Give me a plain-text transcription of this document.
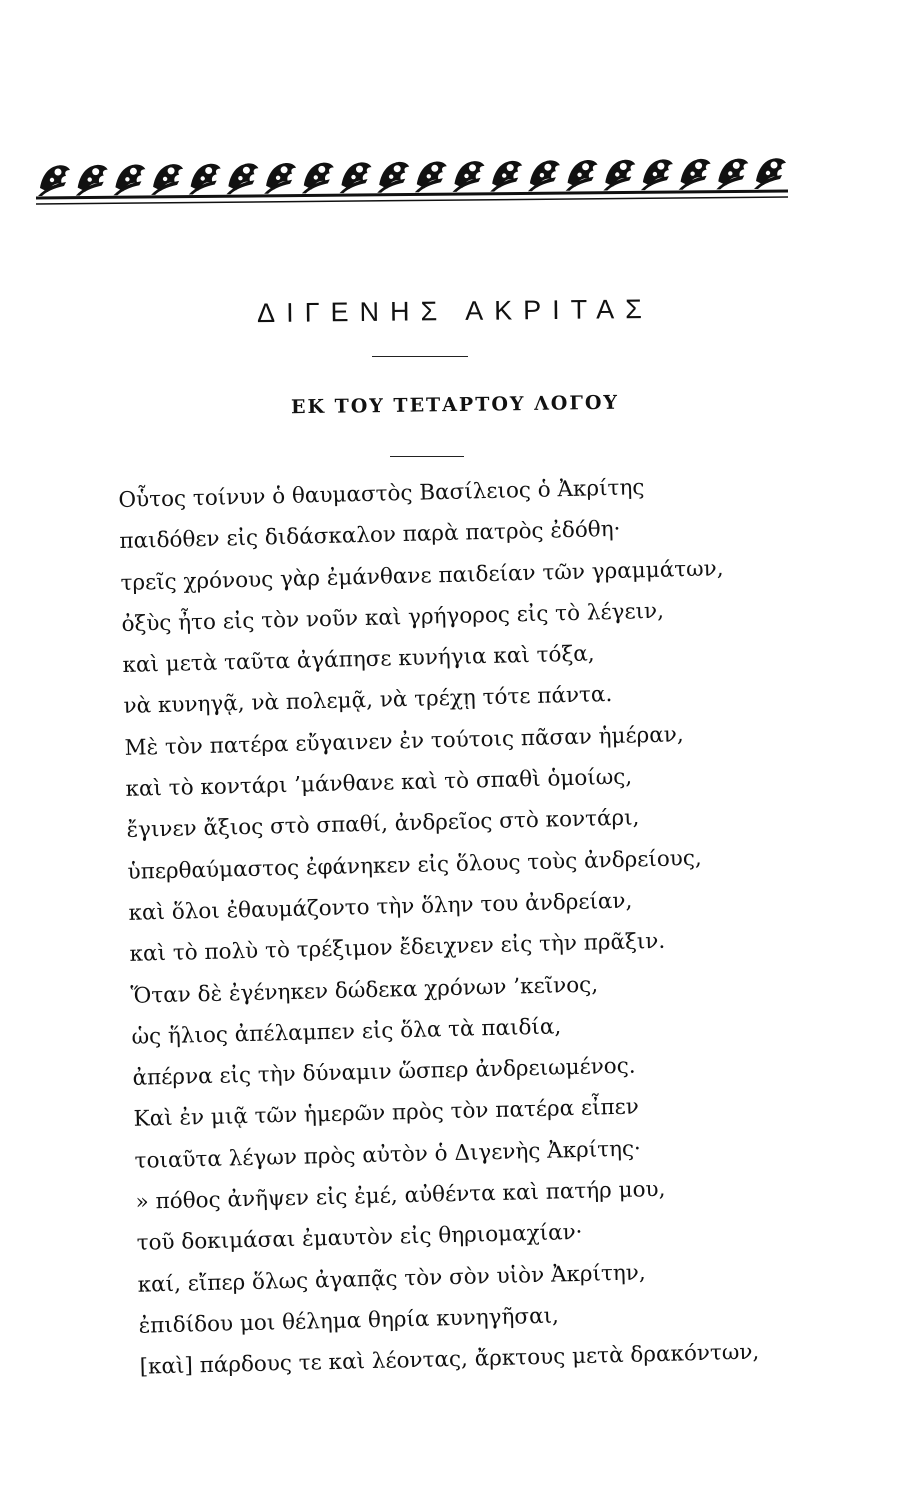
ΔΙΓΕΝΗΣ ΑΚΡΙΤΑΣ
ΕΚ ΤΟΥ ΤΕΤΑΡΤΟΥ ΛΟΓΟΥ
Οὗτος τοίνυν ὁ θαυμαστὸς Βασίλειος ὁ Ἀκρίτης
παιδόθεν εἰς διδάσκαλον παρὰ πατρὸς ἐδόθη·
τρεῖς χρόνους γὰρ ἐμάνθανε παιδείαν τῶν γραμμάτων,
ὀξὺς ἦτο εἰς τὸν νοῦν καὶ γρήγορος εἰς τὸ λέγειν,
καὶ μετὰ ταῦτα ἀγάπησε κυνήγια καὶ τόξα,
νὰ κυνηγᾷ, νὰ πολεμᾷ, νὰ τρέχῃ τότε πάντα.
Μὲ τὸν πατέρα εὔγαινεν ἐν τούτοις πᾶσαν ἡμέραν,
καὶ τὸ κοντάρι ’μάνθανε καὶ τὸ σπαθὶ ὁμοίως,
ἔγινεν ἄξιος στὸ σπαθί, ἀνδρεῖος στὸ κοντάρι,
ὑπερθαύμαστος ἐφάνηκεν εἰς ὅλους τοὺς ἀνδρείους,
καὶ ὅλοι ἐθαυμάζοντο τὴν ὅλην του ἀνδρείαν,
καὶ τὸ πολὺ τὸ τρέξιμον ἔδειχνεν εἰς τὴν πρᾶξιν.
Ὅταν δὲ ἐγένηκεν δώδεκα χρόνων ’κεῖνος,
ὡς ἥλιος ἀπέλαμπεν εἰς ὅλα τὰ παιδία,
ἀπέρνα εἰς τὴν δύναμιν ὥσπερ ἀνδρειωμένος.
Καὶ ἐν μιᾷ τῶν ἡμερῶν πρὸς τὸν πατέρα εἶπεν
τοιαῦτα λέγων πρὸς αὐτὸν ὁ Διγενὴς Ἀκρίτης·
» πόθος ἀνῆψεν εἰς ἐμέ, αὐθέντα καὶ πατήρ μου,
τοῦ δοκιμάσαι ἐμαυτὸν εἰς θηριομαχίαν·
καί, εἴπερ ὅλως ἀγαπᾷς τὸν σὸν υἱὸν Ἀκρίτην,
ἐπιδίδου μοι θέλημα θηρία κυνηγῆσαι,
[καὶ] πάρδους τε καὶ λέοντας, ἄρκτους μετὰ δρακόντων,
